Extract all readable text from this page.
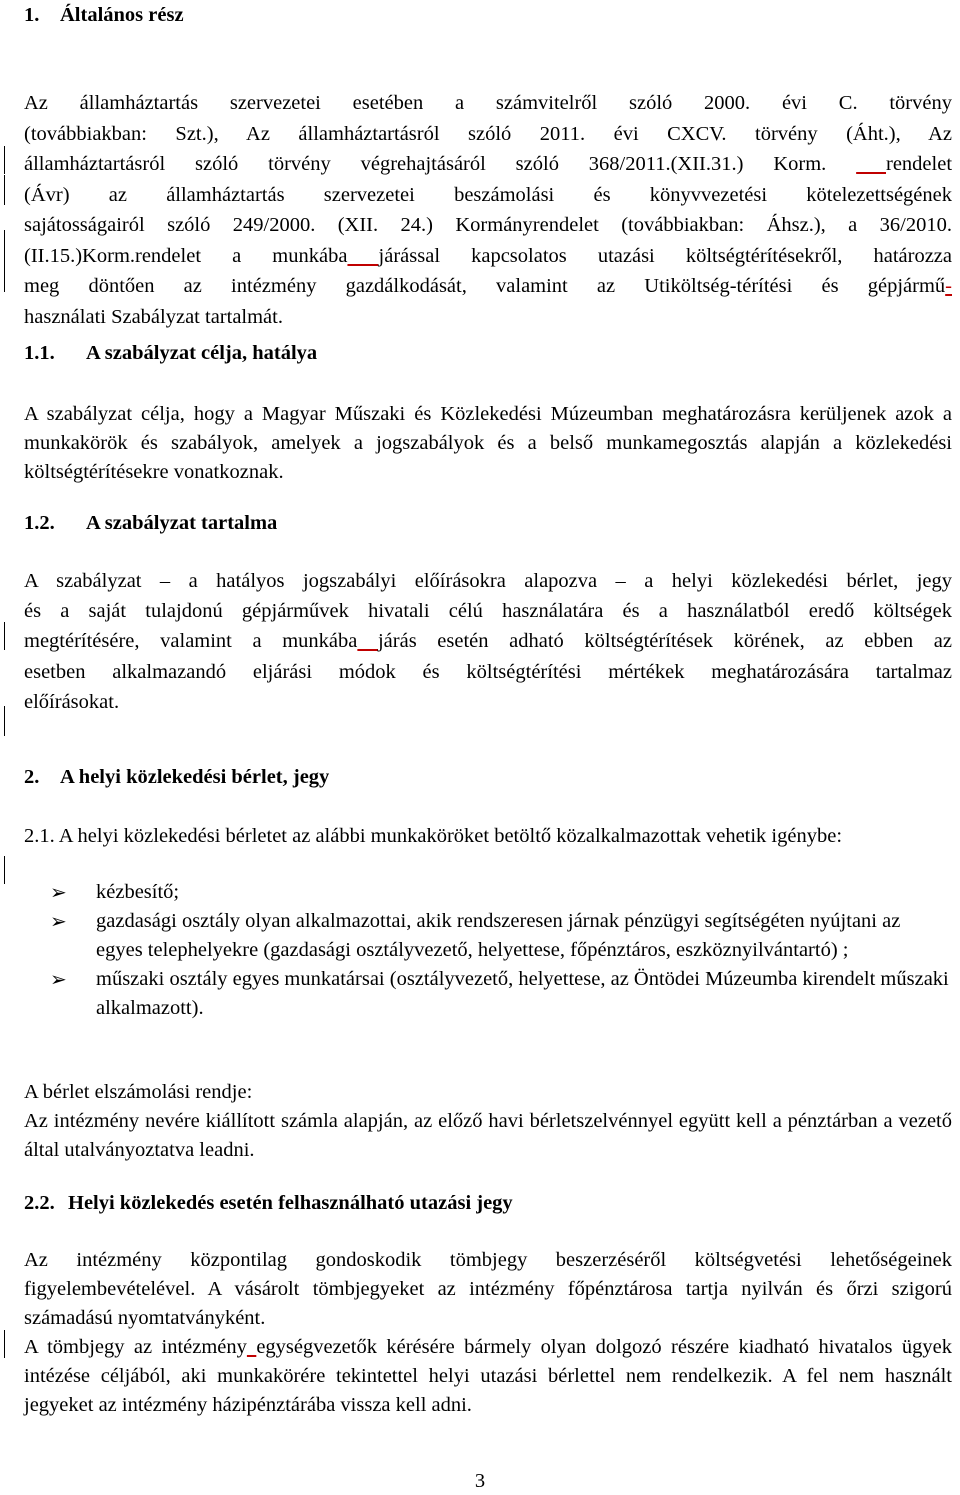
1. Általános rész
Az államháztartás szervezetei esetében a számvitelről szóló 2000. évi C. törvény
(továbbiakban: Szt.), Az államháztartásról szóló 2011. évi CXCV. törvény (Áht.), Az
államháztartásról szóló törvény végrehajtásáról szóló 368/2011.(XII.31.) Korm.	rendelet
(Ávr) az államháztartás szervezetei beszámolási és könyvvezetési kötelezettségének
sajátosságairól szóló 249/2000. (XII. 24.) Kormányrendelet (továbbiakban: Áhsz.), a 36/2010.
(II.15.)Korm.rendelet a munkába járással kapcsolatos utazási költségtérítésekről, határozza
meg döntően az intézmény gazdálkodását, valamint az Utiköltség-térítési és gépjármű-
használati Szabályzat tartalmát.
1.1. A szabályzat célja, hatálya

A szabályzat célja, hogy a Magyar Műszaki és Közlekedési Múzeumban meghatározásra kerüljenek azok a munkakörök és szabályok, amelyek a jogszabályok és a belső munkamegosztás alapján a közlekedési költségtérítésekre vonatkoznak.

1.2. A szabályzat tartalma
A szabályzat – a hatályos jogszabályi előírásokra alapozva – a helyi közlekedési bérlet, jegy
és a saját tulajdonú gépjárművek hivatali célú használatára és a használatból eredő költségek
megtérítésére, valamint a munkába járás esetén adható költségtérítések körének, az ebben az
esetben alkalmazandó eljárási módok és költségtérítési mértékek meghatározására tartalmaz
előírásokat.
2. A helyi közlekedési bérlet, jegy

2.1. A helyi közlekedési bérletet az alábbi munkaköröket betöltő közalkalmazottak vehetik igénybe:

➢ kézbesítő;
➢ gazdasági osztály olyan alkalmazottai, akik rendszeresen járnak pénzügyi segítségéten nyújtani az egyes telephelyekre (gazdasági osztályvezető, helyettese, főpénztáros, eszköznyilvántartó) ;
➢ műszaki osztály egyes munkatársai (osztályvezető, helyettese, az Öntödei Múzeumba kirendelt műszaki alkalmazott).
A bérlet elszámolási rendje:

Az intézmény nevére kiállított számla alapján, az előző havi bérletszelvénnyel együtt kell a pénztárban a vezető által utalványoztatva leadni.

2.2. Helyi közlekedés esetén felhasználható utazási jegy

Az intézmény központilag gondoskodik tömbjegy beszerzéséről költségvetési lehetőségeinek figyelembevételével. A vásárolt tömbjegyeket az intézmény főpénztárosa tartja nyilván és őrzi szigorú számadású nyomtatványként.

A tömbjegy az intézmény egységvezetők kérésére bármely olyan dolgozó részére kiadható hivatalos ügyek intézése céljából, aki munkakörére tekintettel helyi utazási bérlettel nem rendelkezik. A fel nem használt jegyeket az intézmény házipénztárába vissza kell adni.

3
